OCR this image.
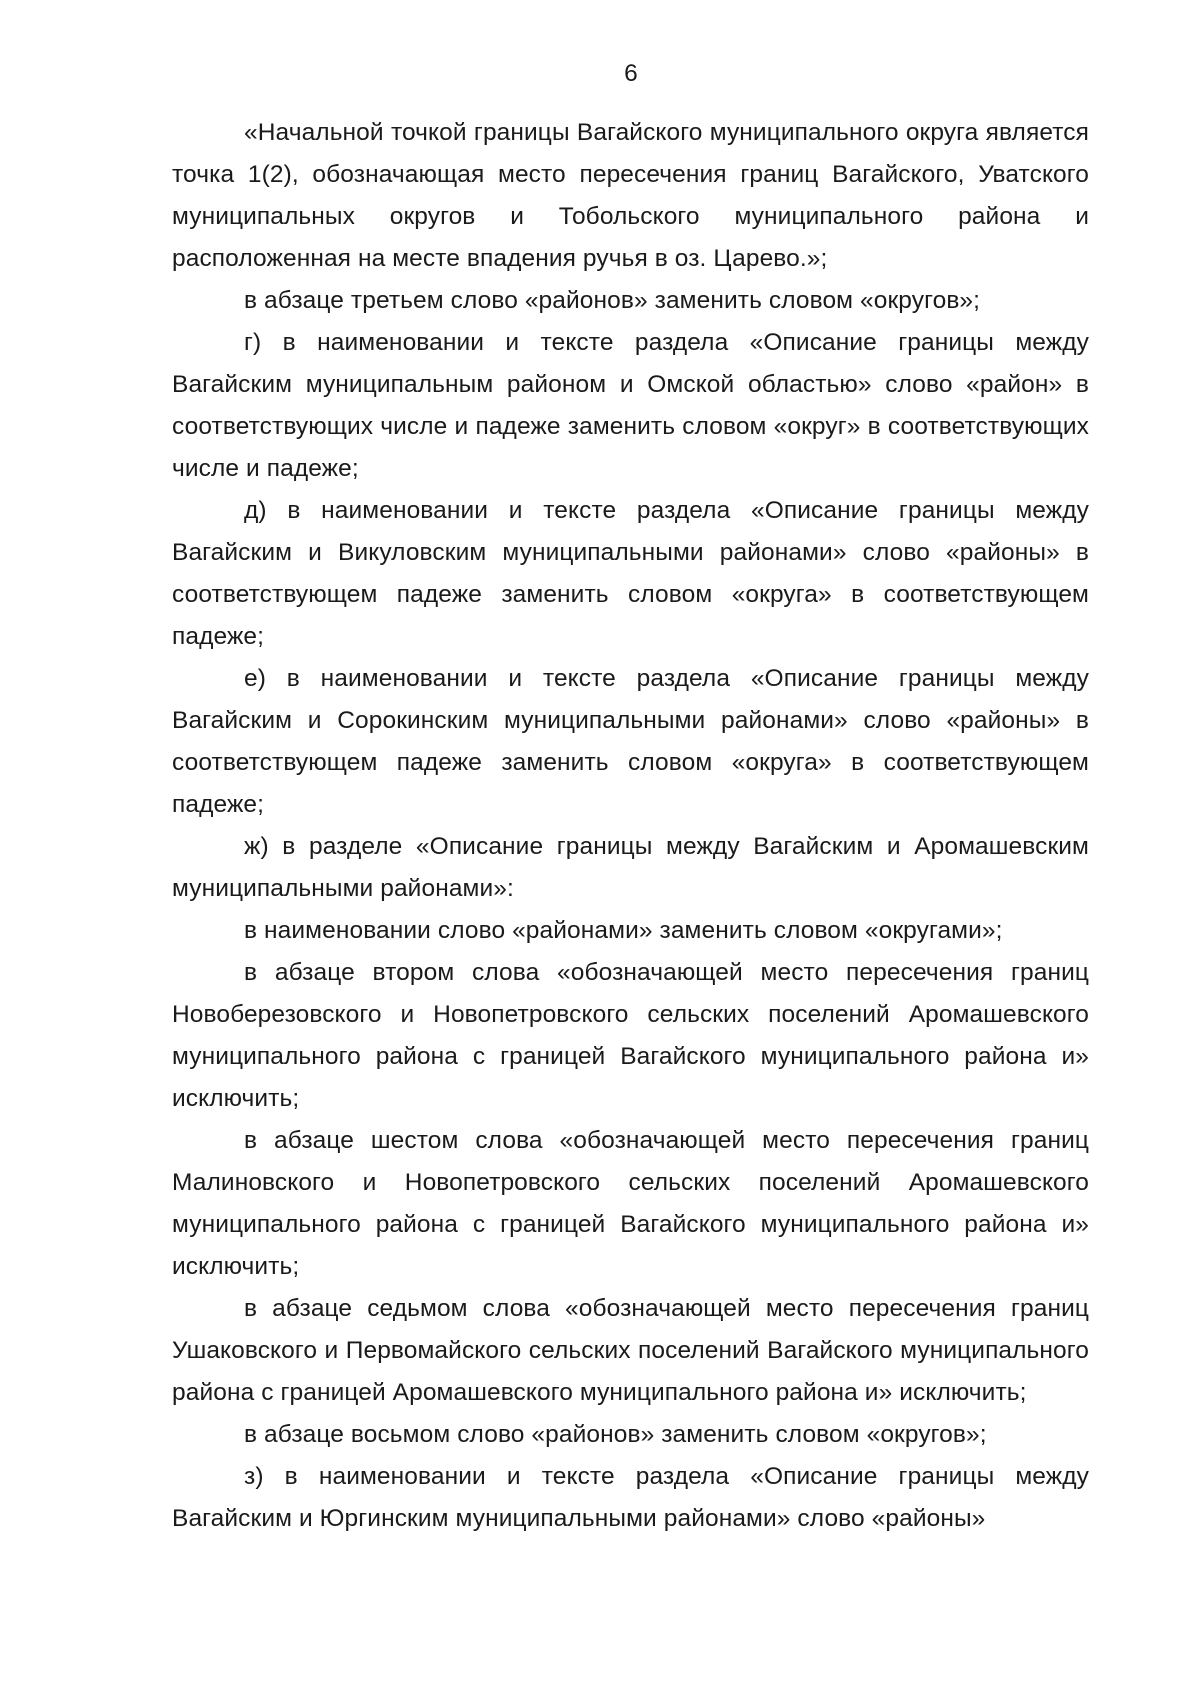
6

«Начальной точкой границы Вагайского муниципального округа является точка 1(2), обозначающая место пересечения границ Вагайского, Уватского муниципальных округов и Тобольского муниципального района и расположенная на месте впадения ручья в оз. Царево.»;

в абзаце третьем слово «районов» заменить словом «округов»;

г) в наименовании и тексте раздела «Описание границы между Вагайским муниципальным районом и Омской областью» слово «район» в соответствующих числе и падеже заменить словом «округ» в соответствующих числе и падеже;

д) в наименовании и тексте раздела «Описание границы между Вагайским и Викуловским муниципальными районами» слово «районы» в соответствующем падеже заменить словом «округа» в соответствующем падеже;

е) в наименовании и тексте раздела «Описание границы между Вагайским и Сорокинским муниципальными районами» слово «районы» в соответствующем падеже заменить словом «округа» в соответствующем падеже;

ж) в разделе «Описание границы между Вагайским и Аромашевским муниципальными районами»:

в наименовании слово «районами» заменить словом «округами»;

в абзаце втором слова «обозначающей место пересечения границ Новоберезовского и Новопетровского сельских поселений Аромашевского муниципального района с границей Вагайского муниципального района и» исключить;

в абзаце шестом слова «обозначающей место пересечения границ Малиновского и Новопетровского сельских поселений Аромашевского муниципального района с границей Вагайского муниципального района и» исключить;

в абзаце седьмом слова «обозначающей место пересечения границ Ушаковского и Первомайского сельских поселений Вагайского муниципального района с границей Аромашевского муниципального района и» исключить;

в абзаце восьмом слово «районов» заменить словом «округов»;

з) в наименовании и тексте раздела «Описание границы между Вагайским и Юргинским муниципальными районами» слово «районы»
